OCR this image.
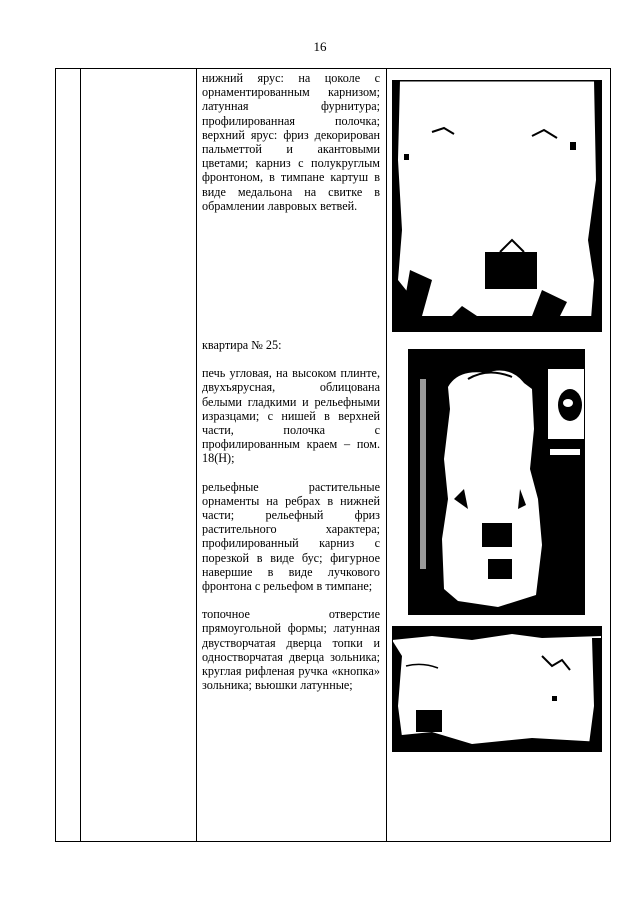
16

нижний ярус: на цоколе с орнаментированным карнизом; латунная фурнитура; профилированная полочка; верхний ярус: фриз декорирован пальметтой и акантовыми цветами; карниз с полукруглым фронтоном, в тимпане картуш в виде медальона на свитке в обрамлении лавровых ветвей.

квартира № 25:

печь угловая, на высоком плинте, двухъярусная, облицована белыми гладкими и рельефными изразцами; с нишей в верхней части, полочка с профилированным краем – пом. 18(Н);

рельефные растительные орнаменты на ребрах в нижней части; рельефный фриз растительного характера; профилированный карниз с порезкой в виде бус; фигурное навершие в виде лучкового фронтона с рельефом в тимпане;

топочное отверстие прямоугольной формы; латунная двустворчатая дверца топки и одностворчатая дверца зольника; круглая рифленая ручка «кнопка» зольника; вьюшки латунные;
